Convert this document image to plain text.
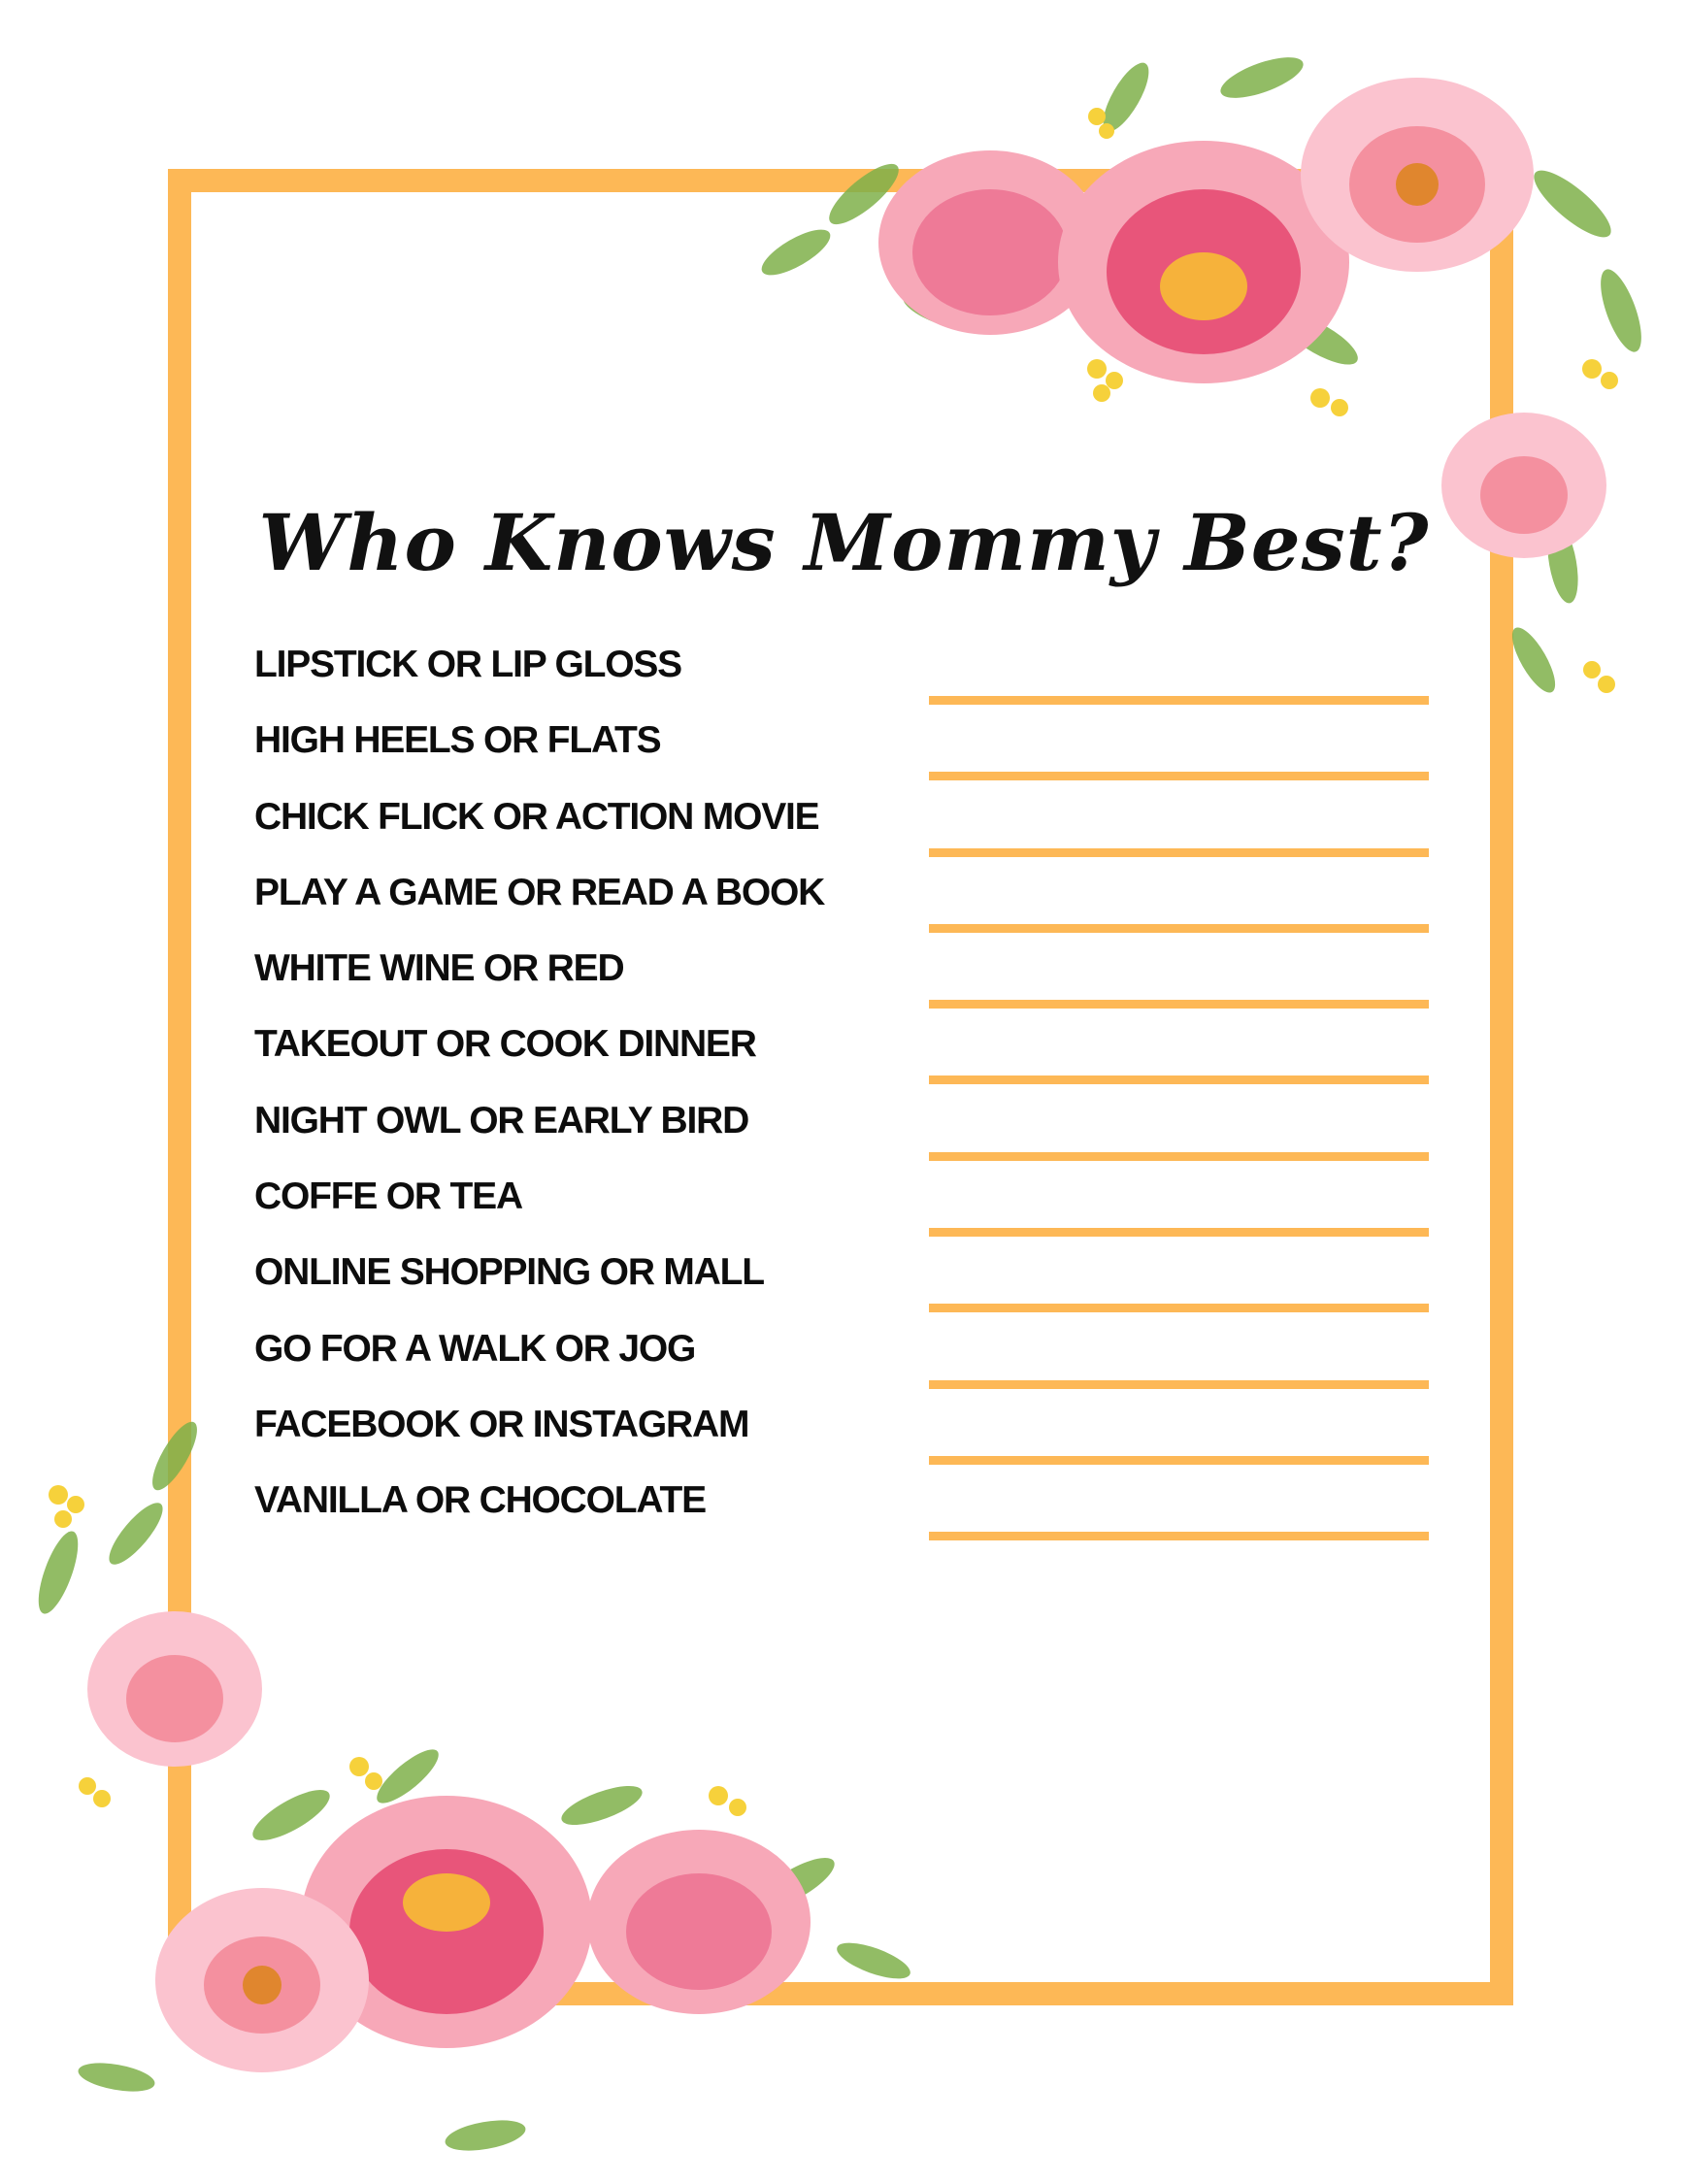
Who Knows Mommy Best?
LIPSTICK OR LIP GLOSS
HIGH HEELS OR FLATS
CHICK FLICK OR ACTION MOVIE
PLAY A GAME OR READ A BOOK
WHITE WINE OR RED
TAKEOUT OR COOK DINNER
NIGHT OWL OR EARLY BIRD
COFFE OR TEA
ONLINE SHOPPING OR MALL
GO FOR A WALK OR JOG
FACEBOOK OR INSTAGRAM
VANILLA OR CHOCOLATE
